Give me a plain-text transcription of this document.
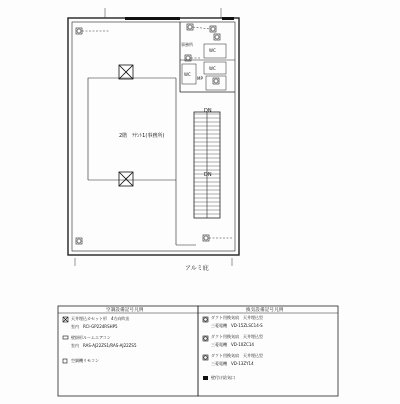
2階　ﾃﾅﾝﾄ1(事務所)
DN
DN
アルミ庇
事務所
WC
WC
WC
MP
空調設備記号凡例
天井埋込カセット形　4方向吹出
室内　RCI-GP224RSHP5
壁掛形ルームエアコン
室内　RAS-AJ22ZS1/RAS-AJ22ZS5
空調機リモコン
換気設備記号凡例
ダクト用換気扇　天井埋込型
三菱電機　VD-15ZLSC14-S
ダクト用換気扇　天井埋込型
三菱電機　VD-10ZC14
ダクト用換気扇　天井埋込型
三菱電機　VD-13ZY14
壁付け給気口
